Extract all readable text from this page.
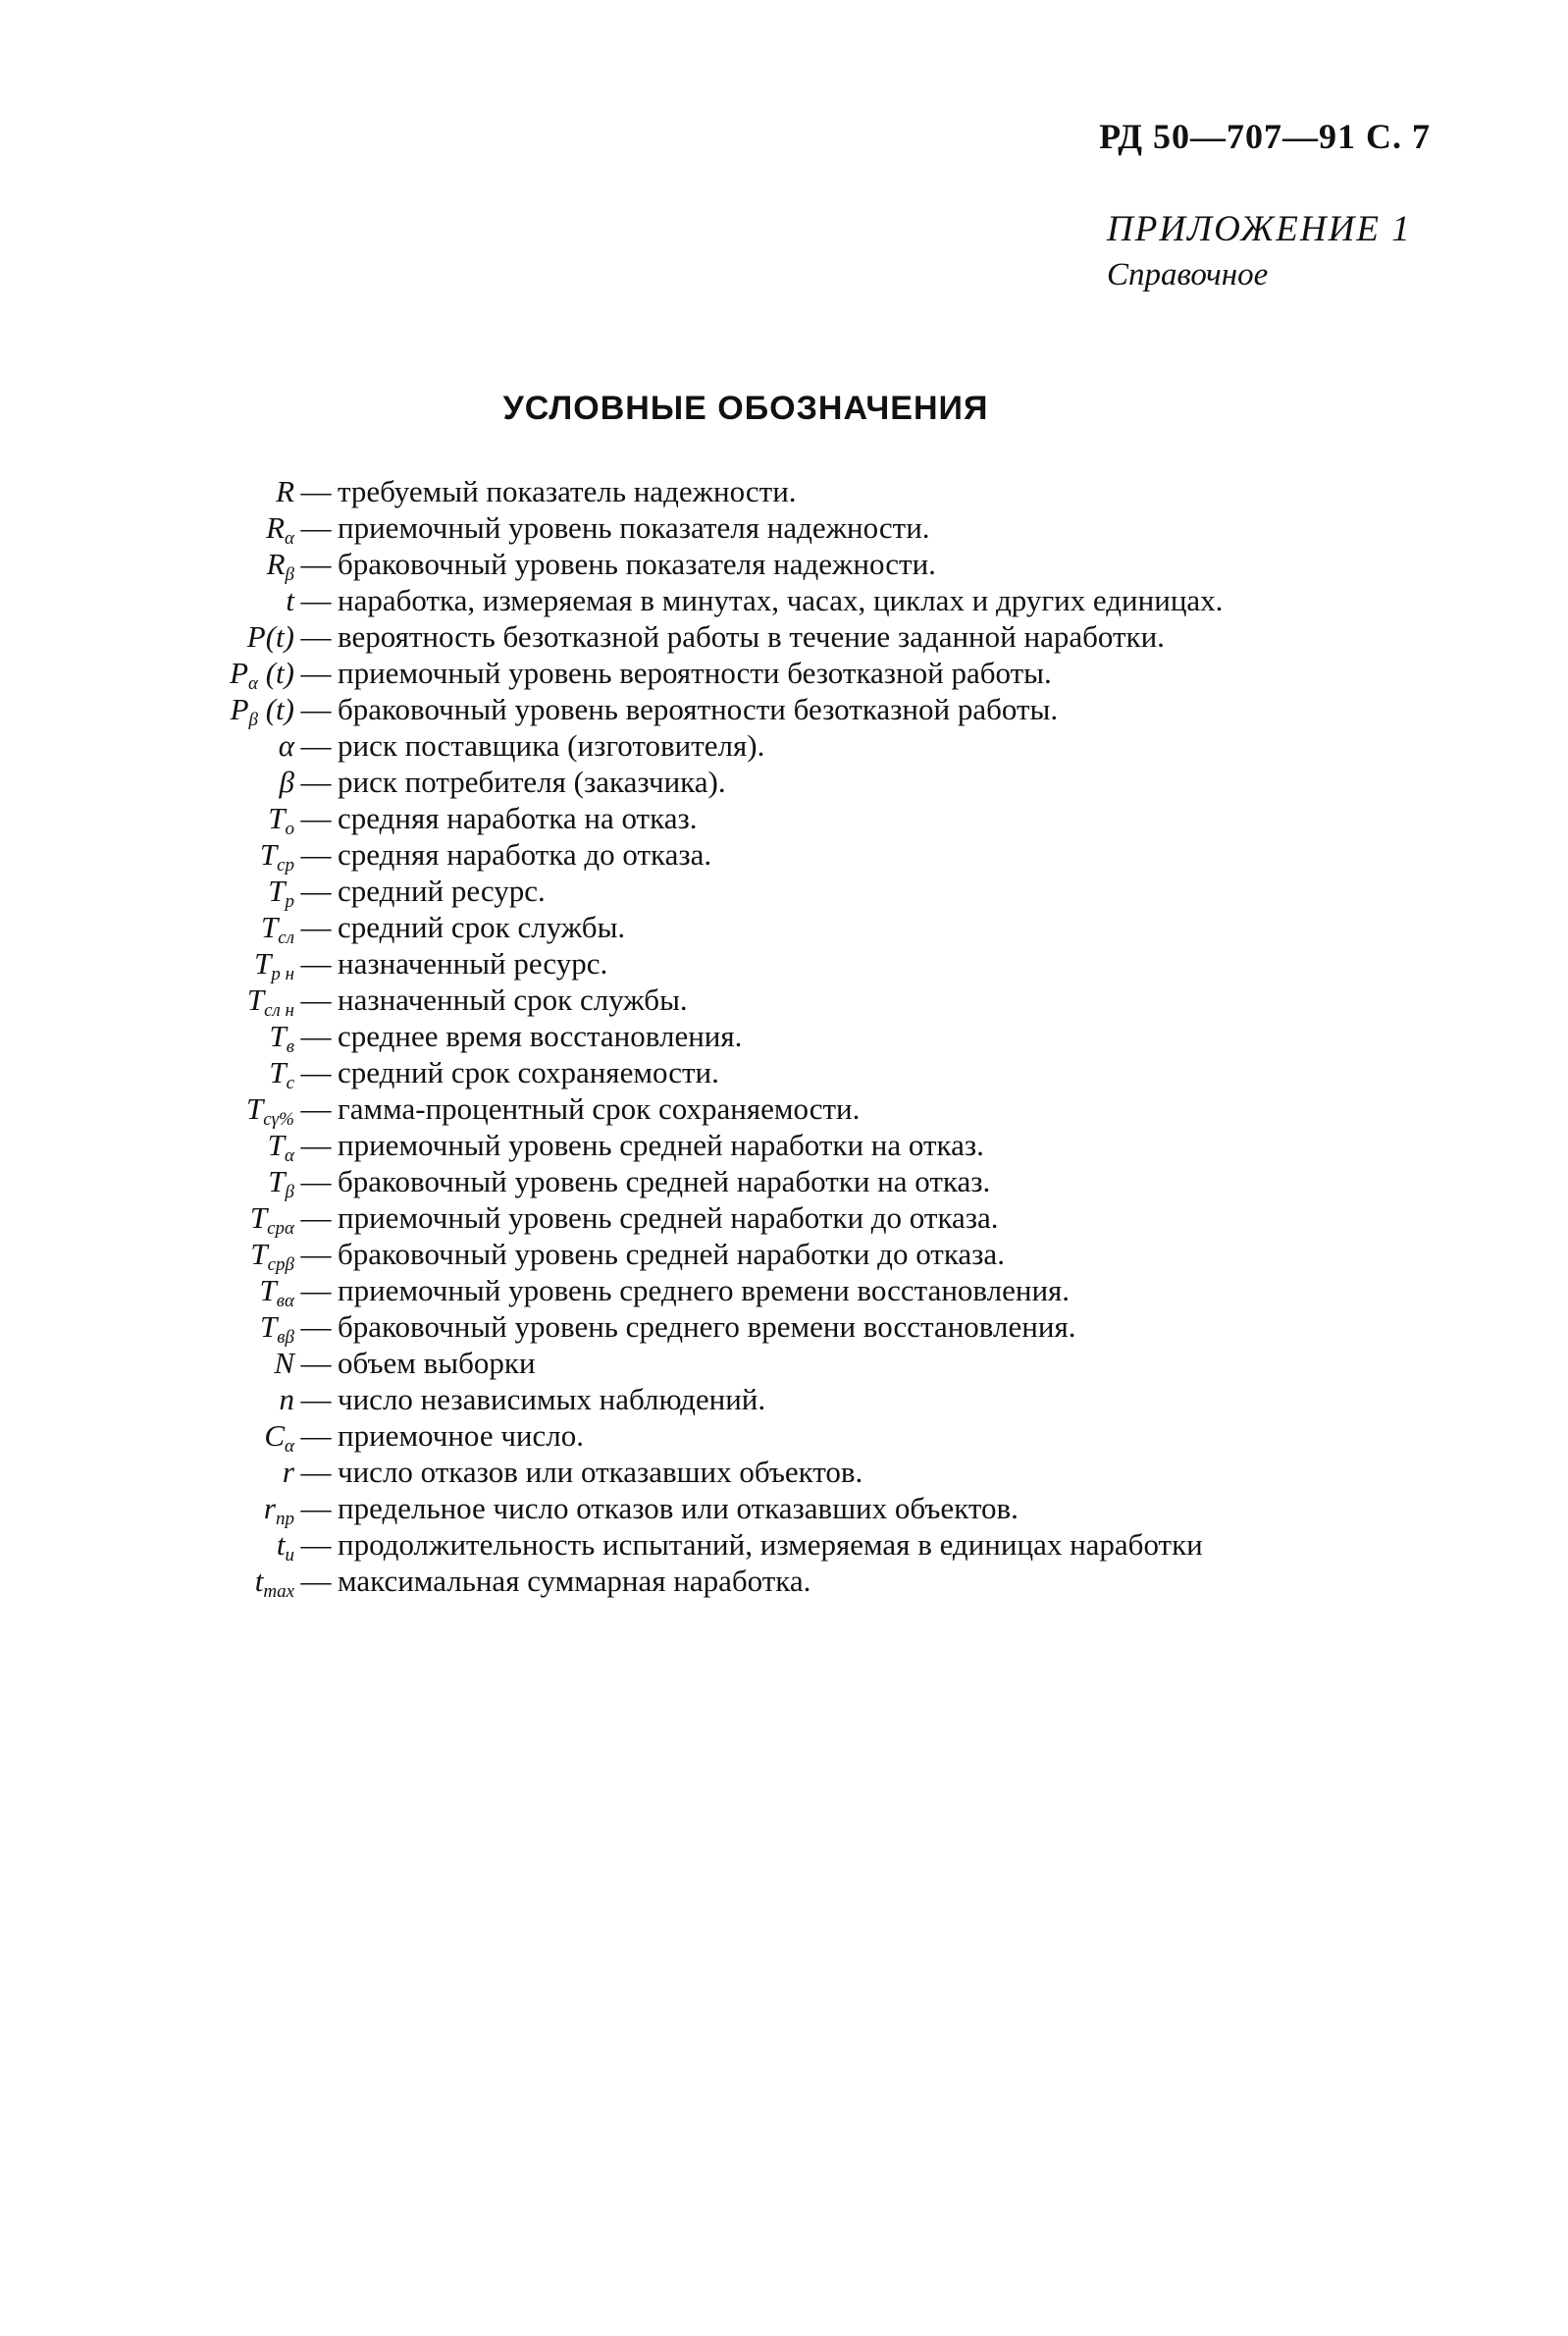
РД 50—707—91 С. 7
ПРИЛОЖЕНИЕ 1
Справочное
УСЛОВНЫЕ ОБОЗНАЧЕНИЯ
R — требуемый показатель надежности.
$R_\alpha$ — приемочный уровень показателя надежности.
$R_\beta$ — браковочный уровень показателя надежности.
t — наработка, измеряемая в минутах, часах, циклах и других единицах.
P(t) — вероятность безотказной работы в течение заданной наработки.
$P_\alpha$ (t) — приемочный уровень вероятности безотказной работы.
$P_\beta$ (t) — браковочный уровень вероятности безотказной работы.
α — риск поставщика (изготовителя).
β — риск потребителя (заказчика).
$T_о$ — средняя наработка на отказ.
$T_{ср}$ — средняя наработка до отказа.
$T_р$ — средний ресурс.
$T_{сл}$ — средний срок службы.
$T_{р н}$ — назначенный ресурс.
$T_{сл н}$ — назначенный срок службы.
$T_в$ — среднее время восстановления.
$T_с$ — средний срок сохраняемости.
$T_{c\gamma\%}$ — гамма-процентный срок сохраняемости.
$T_\alpha$ — приемочный уровень средней наработки на отказ.
$T_\beta$ — браковочный уровень средней наработки на отказ.
$T_{ср\alpha}$ — приемочный уровень средней наработки до отказа.
$T_{ср\beta}$ — браковочный уровень средней наработки до отказа.
$T_{в\alpha}$ — приемочный уровень среднего времени восстановления.
$T_{в\beta}$ — браковочный уровень среднего времени восстановления.
N — объем выборки
n — число независимых наблюдений.
$C_\alpha$ — приемочное число.
r — число отказов или отказавших объектов.
$r_{пр}$ — предельное число отказов или отказавших объектов.
$t_и$ — продолжительность испытаний, измеряемая в единицах наработки
$t_{max}$ — максимальная суммарная наработка.
